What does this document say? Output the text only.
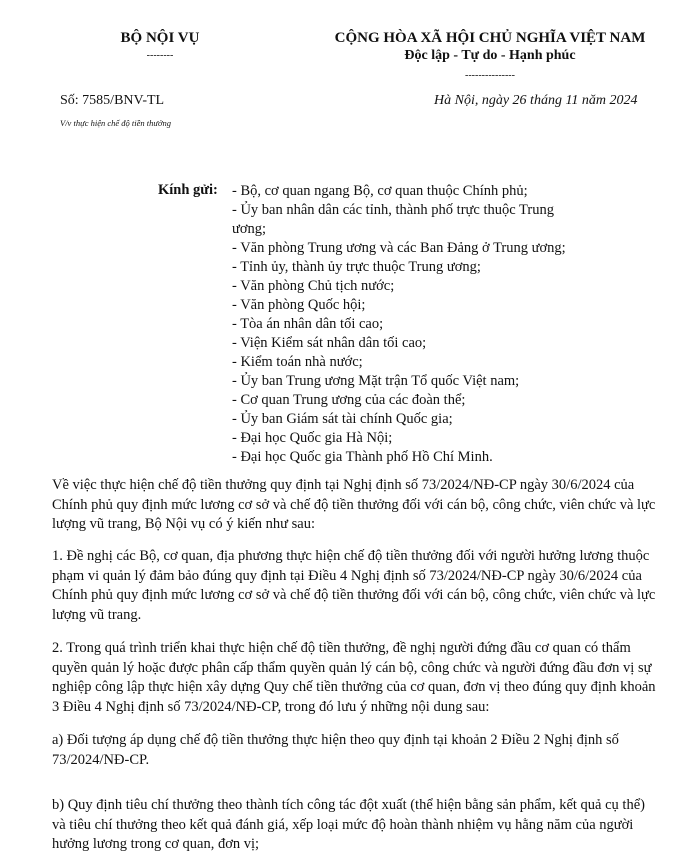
BỘ NỘI VỤ
--------
CỘNG HÒA XÃ HỘI CHỦ NGHĨA VIỆT NAM
Độc lập - Tự do - Hạnh phúc
---------------
Số: 7585/BNV-TL
V/v thực hiện chế độ tiền thưởng
Hà Nội, ngày 26 tháng 11 năm 2024
Kính gửi: - Bộ, cơ quan ngang Bộ, cơ quan thuộc Chính phủ;
- Ủy ban nhân dân các tỉnh, thành phố trực thuộc Trung
ương;
- Văn phòng Trung ương và các Ban Đảng ở Trung ương;
- Tỉnh ủy, thành ủy trực thuộc Trung ương;
- Văn phòng Chủ tịch nước;
- Văn phòng Quốc hội;
- Tòa án nhân dân tối cao;
- Viện Kiểm sát nhân dân tối cao;
- Kiểm toán nhà nước;
- Ủy ban Trung ương Mặt trận Tổ quốc Việt nam;
- Cơ quan Trung ương của các đoàn thể;
- Ủy ban Giám sát tài chính Quốc gia;
- Đại học Quốc gia Hà Nội;
- Đại học Quốc gia Thành phố Hồ Chí Minh.
Về việc thực hiện chế độ tiền thưởng quy định tại Nghị định số 73/2024/NĐ-CP ngày 30/6/2024 của
Chính phủ quy định mức lương cơ sở và chế độ tiền thưởng đối với cán bộ, công chức, viên chức và lực
lượng vũ trang, Bộ Nội vụ có ý kiến như sau:
1. Đề nghị các Bộ, cơ quan, địa phương thực hiện chế độ tiền thưởng đối với người hưởng lương thuộc
phạm vi quản lý đảm bảo đúng quy định tại Điều 4 Nghị định số 73/2024/NĐ-CP ngày 30/6/2024 của
Chính phủ quy định mức lương cơ sở và chế độ tiền thưởng đối với cán bộ, công chức, viên chức và lực
lượng vũ trang.
2. Trong quá trình triển khai thực hiện chế độ tiền thưởng, đề nghị người đứng đầu cơ quan có thẩm
quyền quản lý hoặc được phân cấp thẩm quyền quản lý cán bộ, công chức và người đứng đầu đơn vị sự
nghiệp công lập thực hiện xây dựng Quy chế tiền thưởng của cơ quan, đơn vị theo đúng quy định khoản
3 Điều 4 Nghị định số 73/2024/NĐ-CP, trong đó lưu ý những nội dung sau:
a) Đối tượng áp dụng chế độ tiền thưởng thực hiện theo quy định tại khoản 2 Điều 2 Nghị định số
73/2024/NĐ-CP.
b) Quy định tiêu chí thưởng theo thành tích công tác đột xuất (thể hiện bằng sản phẩm, kết quả cụ thể)
và tiêu chí thưởng theo kết quả đánh giá, xếp loại mức độ hoàn thành nhiệm vụ hằng năm của người
hưởng lương trong cơ quan, đơn vị;
